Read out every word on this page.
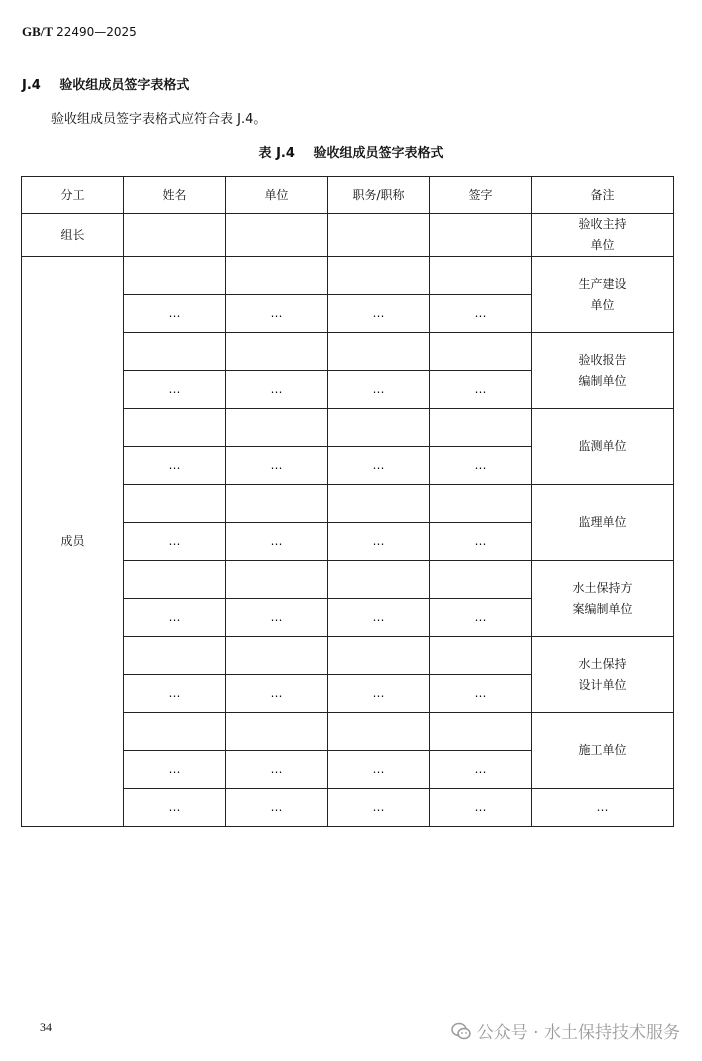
GB/T 22490—2025
J.4 验收组成员签字表格式
验收组成员签字表格式应符合表 J.4。
表 J.4 验收组成员签字表格式
分工	姓名	单位	职务/职称	签字	备注
组长					验收主持
单位
成员					生产建设
单位
	…	…	…	…	
					验收报告
编制单位
	…	…	…	…	
					监测单位
	…	…	…	…	
					监理单位
	…	…	…	…	
					水土保持方
案编制单位
	…	…	…	…	
					水土保持
设计单位
	…	…	…	…	
					施工单位
	…	…	…	…	
	…	…	…	…	…
34	公众号 · 水土保持技术服务
